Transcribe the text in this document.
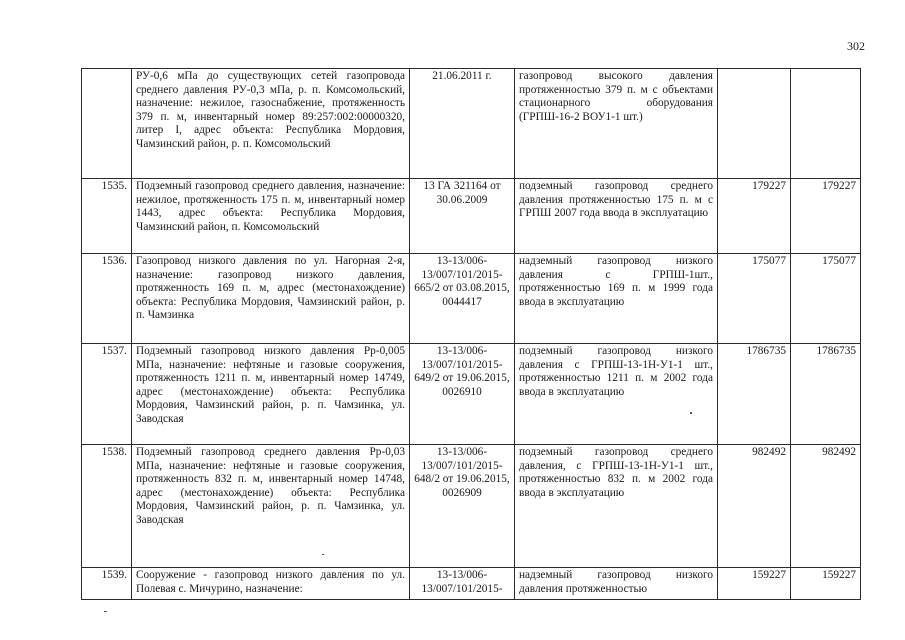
302
	РУ-0,6 мПа до существующих сетей газопровода среднего давления РУ-0,3 мПа, р. п. Комсомольский, назначение: нежилое, газоснабжение, протяженность 379 п. м, инвентарный номер 89:257:002:00000320, литер I, адрес объекта: Республика Мордовия, Чамзинский район, р. п. Комсомольский	21.06.2011 г.	газопровод высокого давления протяженностью 379 п. м с объектами стационарного оборудования (ГРПШ-16-2 ВОУ1-1 шт.)		
1535.	Подземный газопровод среднего давления, назначение: нежилое, протяженность 175 п. м, инвентарный номер 1443, адрес объекта: Республика Мордовия, Чамзинский район, п. Комсомольский	13 ГА 321164 от 30.06.2009	подземный газопровод среднего давления протяженностью 175 п. м с ГРПШ 2007 года ввода в эксплуатацию	179227	179227
1536.	Газопровод низкого давления по ул. Нагорная 2-я, назначение: газопровод низкого давления, протяженность 169 п. м, адрес (местонахождение) объекта: Республика Мордовия, Чамзинский район, р. п. Чамзинка	13-13/006-13/007/101/2015-665/2 от 03.08.2015, 0044417	надземный газопровод низкого давления с ГРПШ-1шт., протяженностью 169 п. м 1999 года ввода в эксплуатацию	175077	175077
1537.	Подземный газопровод низкого давления Рр-0,005 МПа, назначение: нефтяные и газовые сооружения, протяженность 1211 п. м, инвентарный номер 14749, адрес (местонахождение) объекта: Республика Мордовия, Чамзинский район, р. п. Чамзинка, ул. Заводская	13-13/006-13/007/101/2015-649/2 от 19.06.2015, 0026910	подземный газопровод низкого давления с ГРПШ-13-1Н-У1-1 шт., протяженностью 1211 п. м 2002 года ввода в эксплуатацию	1786735	1786735
1538.	Подземный газопровод среднего давления Рр-0,03 МПа, назначение: нефтяные и газовые сооружения, протяженность 832 п. м, инвентарный номер 14748, адрес (местонахождение) объекта: Республика Мордовия, Чамзинский район, р. п. Чамзинка, ул. Заводская	13-13/006-13/007/101/2015-648/2 от 19.06.2015, 0026909	подземный газопровод среднего давления, с ГРПШ-13-1Н-У1-1 шт., протяженностью 832 п. м 2002 года ввода в эксплуатацию	982492	982492
1539.	Сооружение - газопровод низкого давления по ул. Полевая с. Мичурино, назначение:	13-13/006-13/007/101/2015-	надземный газопровод низкого давления протяженностью	159227	159227
